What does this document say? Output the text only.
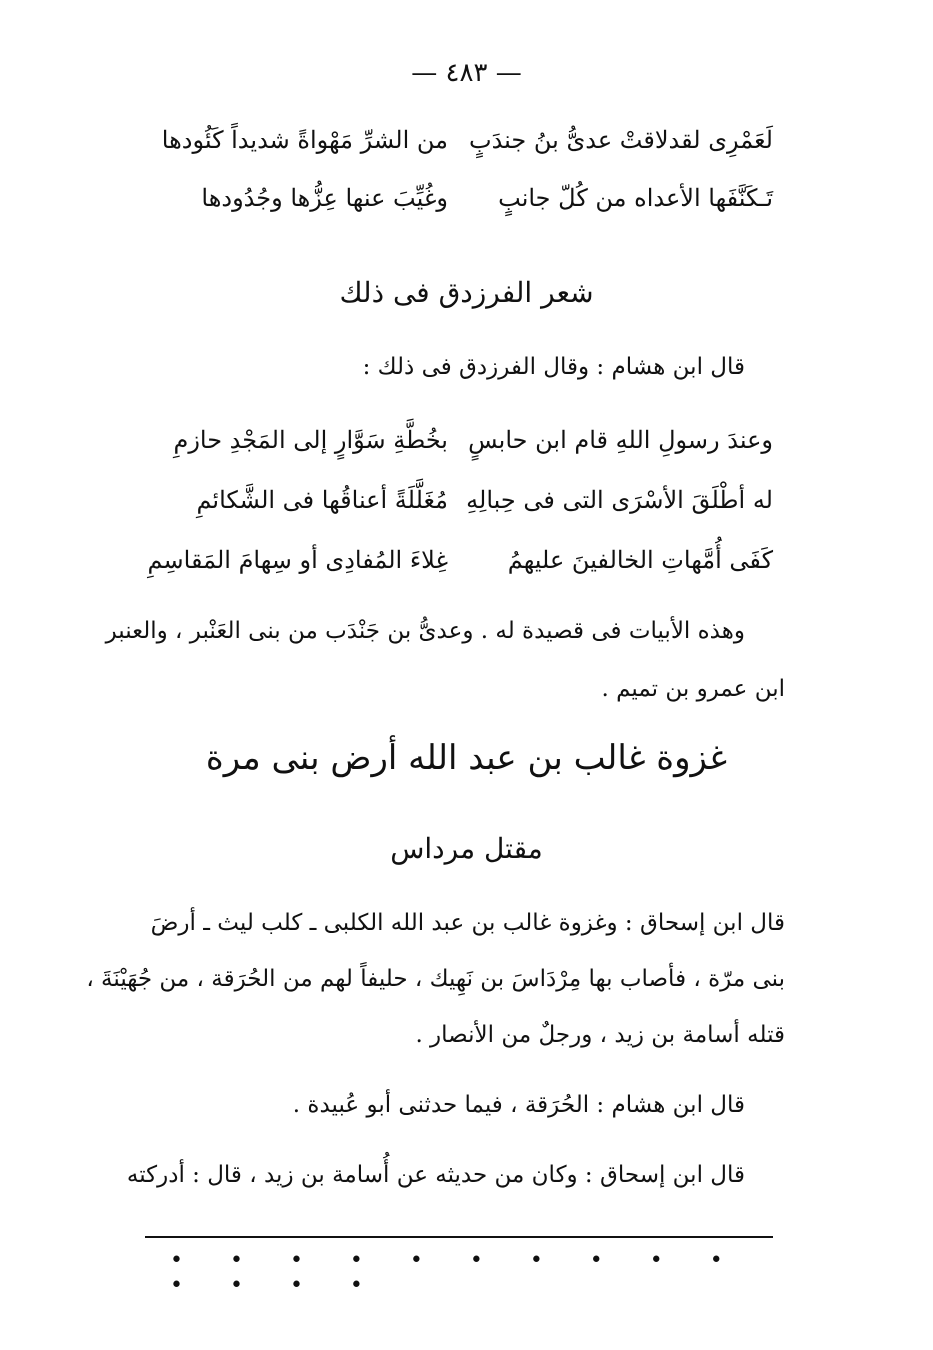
— ٤٨٣ —
لَعَمْرِى لقدلاقتْ عدىُّ بنُ جندَبٍ
من الشرِّ مَهْواةً شديداً كَئُودها
تَـكَنَّفَها الأعداه من كُلّ جانبٍ
وغُيِّبَ عنها عِزُّها وجُدُودها
شعر الفرزدق فى ذلك
قال ابن هشام : وقال الفرزدق فى ذلك :
وعندَ رسولِ اللهِ قام ابن حابسٍ
بخُطَّةِ سَوَّارٍ إلى المَجْدِ حازمِ
له أطْلَقَ الأسْرَى التى فى حِبالِهِ
مُغَلَّلَةً أعناقُها فى الشَّكائمِ
كَفَى أُمَّهاتِ الخالفينَ عليهمُ
غِلاءَ المُفادِى أو سِهامَ المَقاسِمِ
وهذه الأبيات فى قصيدة له . وعدىُّ بن جَنْدَب من بنى العَنْبر ، والعنبر
ابن عمرو بن تميم .
غزوة غالب بن عبد الله أرض بنى مرة
مقتل مرداس
قال ابن إسحاق : وغزوة غالب بن عبد الله الكلبى ـ كلب ليث ـ أرضَ
بنى مرّة ، فأصاب بها مِرْدَاسَ بن نَهِيك ، حليفاً لهم من الحُرَقة ، من جُهَيْنَةَ ،
قتله أسامة بن زيد ، ورجلٌ من الأنصار .
قال ابن هشام : الحُرَقة ، فيما حدثنى أبو عُبيدة .
قال ابن إسحاق : وكان من حديثه عن أُسامة بن زيد ، قال : أدركته
• • • • • • • • • • • • • •
